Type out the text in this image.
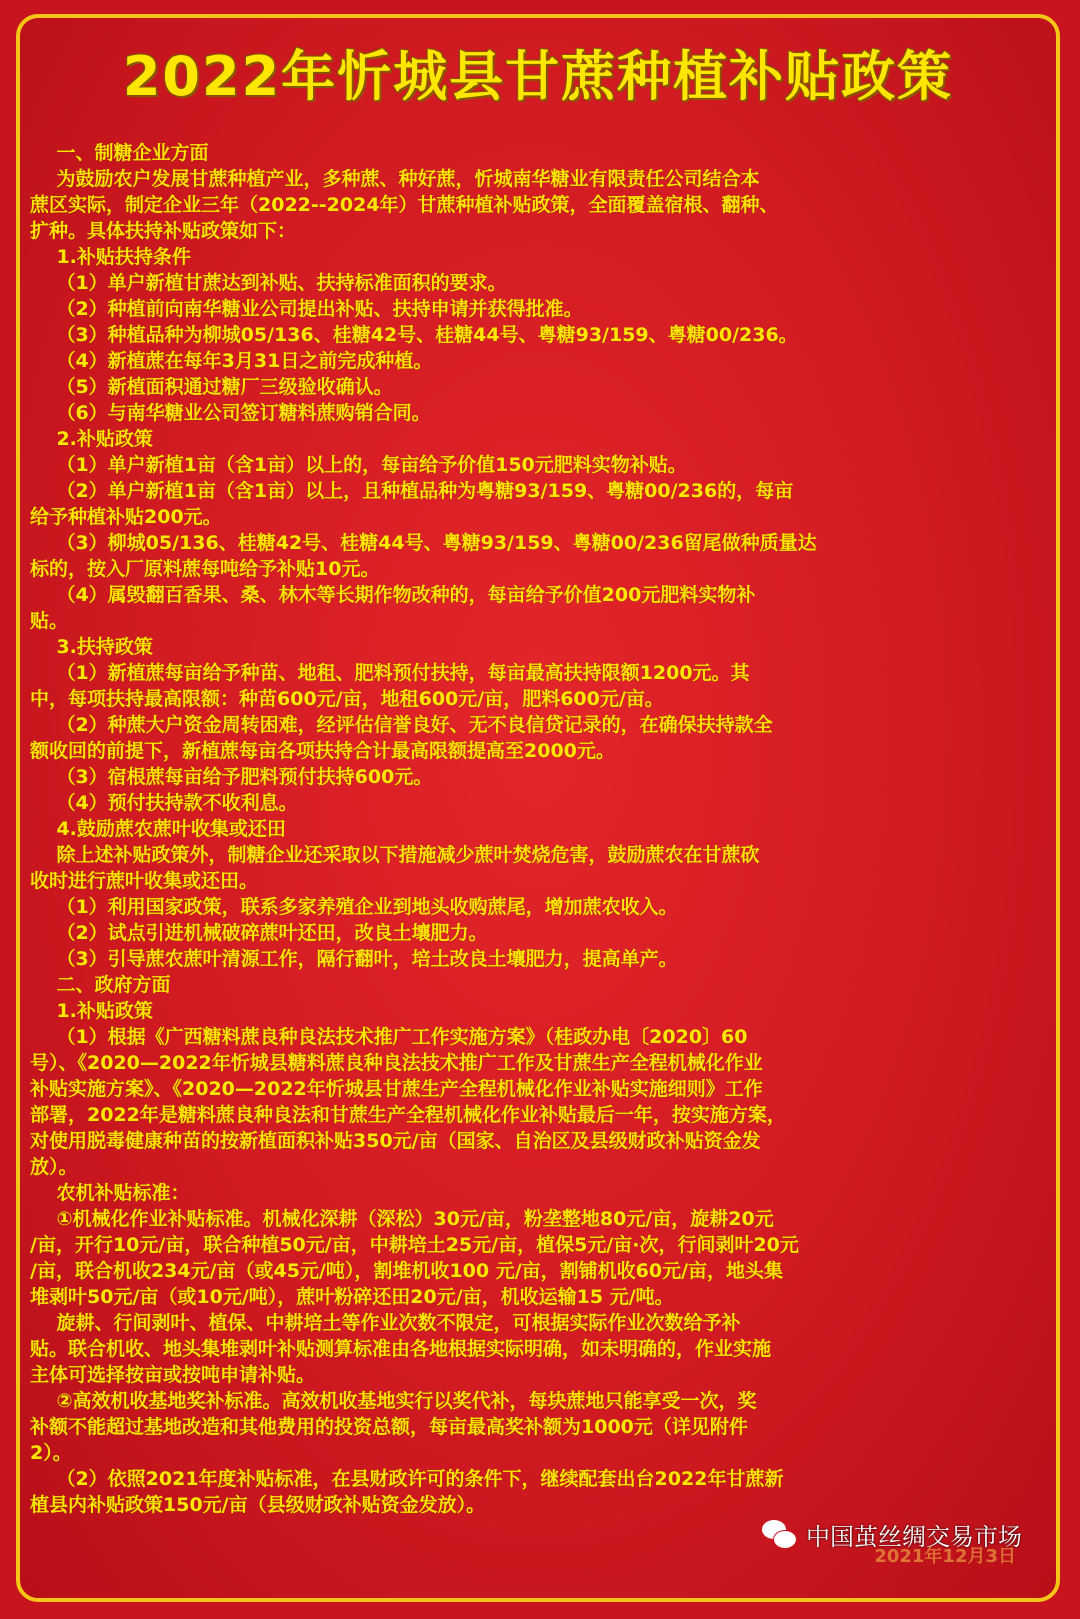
2022年忻城县甘蔗种植补贴政策
一、制糖企业方面
为鼓励农户发展甘蔗种植产业，多种蔗、种好蔗，忻城南华糖业有限责任公司结合本
蔗区实际，制定企业三年（2022--2024年）甘蔗种植补贴政策，全面覆盖宿根、翻种、
扩种。具体扶持补贴政策如下：
1.补贴扶持条件
（1）单户新植甘蔗达到补贴、扶持标准面积的要求。
（2）种植前向南华糖业公司提出补贴、扶持申请并获得批准。
（3）种植品种为柳城05/136、桂糖42号、桂糖44号、粤糖93/159、粤糖00/236。
（4）新植蔗在每年3月31日之前完成种植。
（5）新植面积通过糖厂三级验收确认。
（6）与南华糖业公司签订糖料蔗购销合同。
2.补贴政策
（1）单户新植1亩（含1亩）以上的，每亩给予价值150元肥料实物补贴。
（2）单户新植1亩（含1亩）以上，且种植品种为粤糖93/159、粤糖00/236的，每亩
给予种植补贴200元。
（3）柳城05/136、桂糖42号、桂糖44号、粤糖93/159、粤糖00/236留尾做种质量达
标的，按入厂原料蔗每吨给予补贴10元。
（4）属毁翻百香果、桑、林木等长期作物改种的，每亩给予价值200元肥料实物补
贴。
3.扶持政策
（1）新植蔗每亩给予种苗、地租、肥料预付扶持，每亩最高扶持限额1200元。其
中，每项扶持最高限额：种苗600元/亩，地租600元/亩，肥料600元/亩。
（2）种蔗大户资金周转困难，经评估信誉良好、无不良信贷记录的，在确保扶持款全
额收回的前提下，新植蔗每亩各项扶持合计最高限额提高至2000元。
（3）宿根蔗每亩给予肥料预付扶持600元。
（4）预付扶持款不收利息。
4.鼓励蔗农蔗叶收集或还田
除上述补贴政策外，制糖企业还采取以下措施减少蔗叶焚烧危害，鼓励蔗农在甘蔗砍
收时进行蔗叶收集或还田。
（1）利用国家政策，联系多家养殖企业到地头收购蔗尾，增加蔗农收入。
（2）试点引进机械破碎蔗叶还田，改良土壤肥力。
（3）引导蔗农蔗叶清源工作，隔行翻叶，培土改良土壤肥力，提高单产。
二、政府方面
1.补贴政策
（1）根据《广西糖料蔗良种良法技术推广工作实施方案》（桂政办电〔2020〕60
号）、《2020—2022年忻城县糖料蔗良种良法技术推广工作及甘蔗生产全程机械化作业
补贴实施方案》、《2020—2022年忻城县甘蔗生产全程机械化作业补贴实施细则》工作
部署，2022年是糖料蔗良种良法和甘蔗生产全程机械化作业补贴最后一年，按实施方案，
对使用脱毒健康种苗的按新植面积补贴350元/亩（国家、自治区及县级财政补贴资金发
放）。
农机补贴标准：
①机械化作业补贴标准。机械化深耕（深松）30元/亩，粉垄整地80元/亩，旋耕20元
/亩，开行10元/亩，联合种植50元/亩，中耕培土25元/亩，植保5元/亩·次，行间剥叶20元
/亩，联合机收234元/亩（或45元/吨），割堆机收100 元/亩，割铺机收60元/亩，地头集
堆剥叶50元/亩（或10元/吨），蔗叶粉碎还田20元/亩，机收运输15 元/吨。
旋耕、行间剥叶、植保、中耕培土等作业次数不限定，可根据实际作业次数给予补
贴。联合机收、地头集堆剥叶补贴测算标准由各地根据实际明确，如未明确的，作业实施
主体可选择按亩或按吨申请补贴。
②高效机收基地奖补标准。高效机收基地实行以奖代补，每块蔗地只能享受一次，奖
补额不能超过基地改造和其他费用的投资总额，每亩最高奖补额为1000元（详见附件
2）。
（2）依照2021年度补贴标准，在县财政许可的条件下，继续配套出台2022年甘蔗新
植县内补贴政策150元/亩（县级财政补贴资金发放）。
2021年12月3日
中国茧丝绸交易市场
